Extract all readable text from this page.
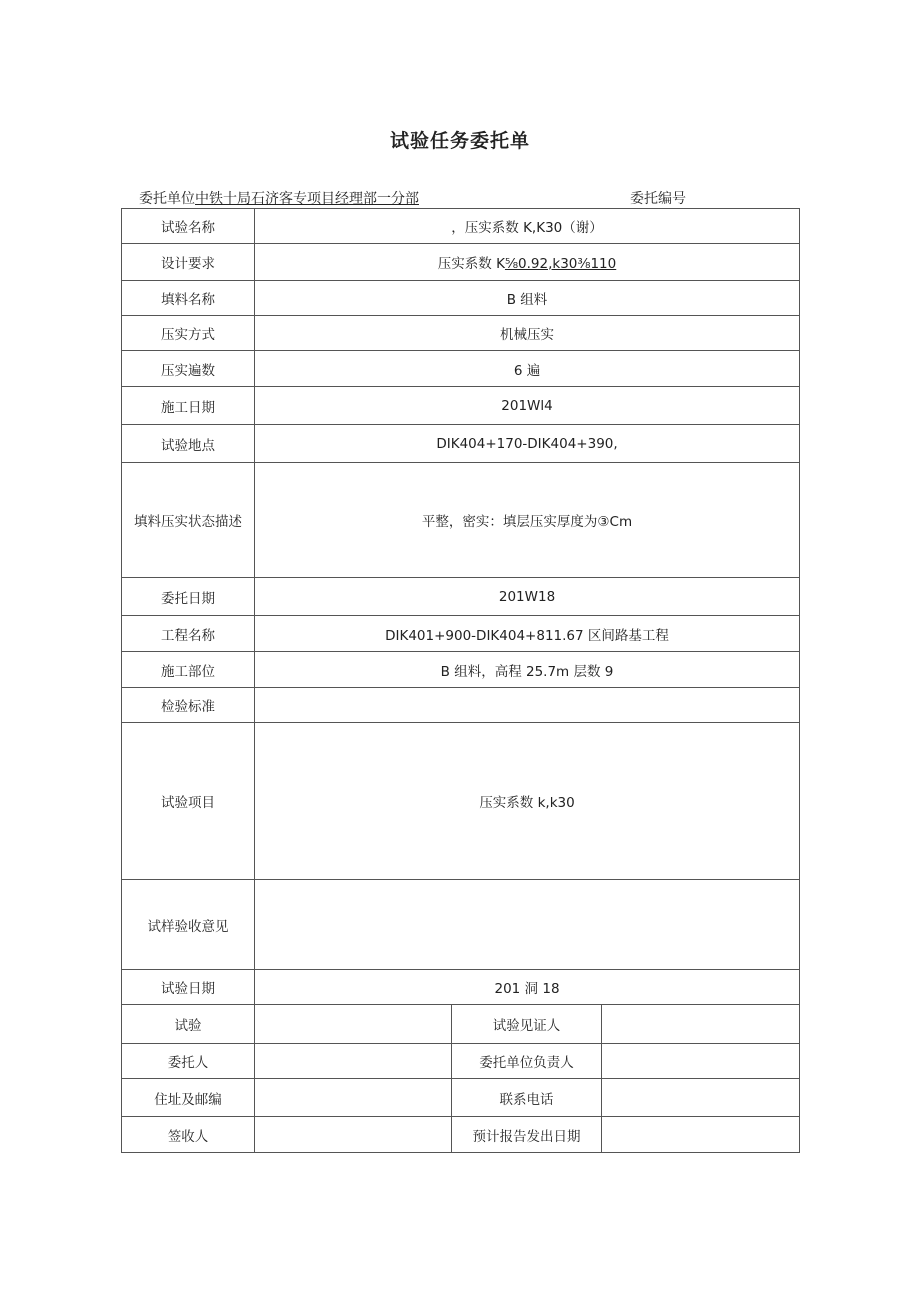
试验任务委托单
委托单位中铁十局石济客专项目经理部一分部	委托编号
试验名称	，压实系数 K,K30（谢）		
设计要求	压实系数 K⅝0.92,k30⅜110		
填料名称	B 组料		
压实方式	机械压实		
压实遍数	6 遍		
施工日期	201Wl4		
试验地点	DIK404+170-DIK404+390,		
填料压实状态描述	平整，密实：填层压实厚度为③Cm		
委托日期	201W18		
工程名称	DIK401+900-DIK404+811.67 区间路基工程		
施工部位	B 组料，高程 25.7m 层数 9		
检验标准			
试验项目	压实系数 k,k30		
试样验收意见			
试验日期	201 洞 18		
试验		试验见证人	
委托人		委托单位负责人	
住址及邮编		联系电话	
签收人		预计报告发出日期	
